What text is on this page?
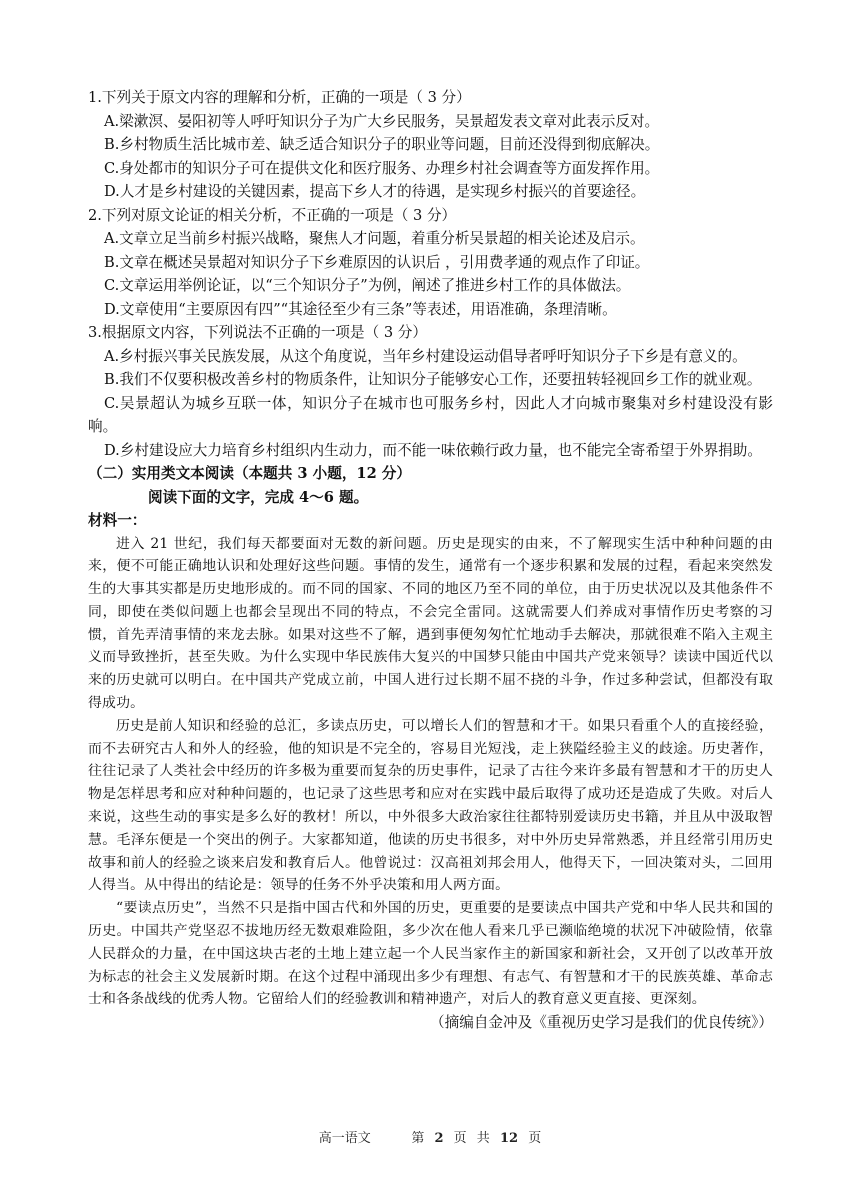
1.下列关于原文内容的理解和分析，正确的一项是（ 3 分）

A.梁漱溟、晏阳初等人呼吁知识分子为广大乡民服务，吴景超发表文章对此表示反对。

B.乡村物质生活比城市差、缺乏适合知识分子的职业等问题，目前还没得到彻底解决。

C.身处都市的知识分子可在提供文化和医疗服务、办理乡村社会调查等方面发挥作用。

D.人才是乡村建设的关键因素，提高下乡人才的待遇，是实现乡村振兴的首要途径。

2.下列对原文论证的相关分析，不正确的一项是（ 3 分）

A.文章立足当前乡村振兴战略，聚焦人才问题，着重分析吴景超的相关论述及启示。

B.文章在概述吴景超对知识分子下乡难原因的认识后 ，引用费孝通的观点作了印证。

C.文章运用举例论证，以“三个知识分子”为例，阐述了推进乡村工作的具体做法。

D.文章使用“主要原因有四”“其途径至少有三条”等表述，用语准确，条理清晰。

3.根据原文内容，下列说法不正确的一项是（ 3 分）

A.乡村振兴事关民族发展，从这个角度说，当年乡村建设运动倡导者呼吁知识分子下乡是有意义的。

B.我们不仅要积极改善乡村的物质条件，让知识分子能够安心工作，还要扭转轻视回乡工作的就业观。

C.吴景超认为城乡互联一体，知识分子在城市也可服务乡村，因此人才向城市聚集对乡村建设没有影响。

D.乡村建设应大力培育乡村组织内生动力，而不能一味依赖行政力量，也不能完全寄希望于外界捐助。

（二）实用类文本阅读（本题共 3 小题，12 分）

阅读下面的文字，完成 4～6 题。

材料一：

进入 21 世纪，我们每天都要面对无数的新问题。历史是现实的由来，不了解现实生活中种种问题的由来，便不可能正确地认识和处理好这些问题。事情的发生，通常有一个逐步积累和发展的过程，看起来突然发生的大事其实都是历史地形成的。而不同的国家、不同的地区乃至不同的单位，由于历史状况以及其他条件不同，即使在类似问题上也都会呈现出不同的特点，不会完全雷同。这就需要人们养成对事情作历史考察的习惯，首先弄清事情的来龙去脉。如果对这些不了解，遇到事便匆匆忙忙地动手去解决，那就很难不陷入主观主义而导致挫折，甚至失败。为什么实现中华民族伟大复兴的中国梦只能由中国共产党来领导？读读中国近代以来的历史就可以明白。在中国共产党成立前，中国人进行过长期不屈不挠的斗争，作过多种尝试，但都没有取得成功。

历史是前人知识和经验的总汇，多读点历史，可以增长人们的智慧和才干。如果只看重个人的直接经验，而不去研究古人和外人的经验，他的知识是不完全的，容易目光短浅，走上狭隘经验主义的歧途。历史著作，往往记录了人类社会中经历的许多极为重要而复杂的历史事件，记录了古往今来许多最有智慧和才干的历史人物是怎样思考和应对种种问题的，也记录了这些思考和应对在实践中最后取得了成功还是造成了失败。对后人来说，这些生动的事实是多么好的教材！所以，中外很多大政治家往往都特别爱读历史书籍，并且从中汲取智慧。毛泽东便是一个突出的例子。大家都知道，他读的历史书很多，对中外历史异常熟悉，并且经常引用历史故事和前人的经验之谈来启发和教育后人。他曾说过：汉高祖刘邦会用人，他得天下，一回决策对头，二回用人得当。从中得出的结论是：领导的任务不外乎决策和用人两方面。

“要读点历史”，当然不只是指中国古代和外国的历史，更重要的是要读点中国共产党和中华人民共和国的历史。中国共产党坚忍不拔地历经无数艰难险阻，多少次在他人看来几乎已濒临绝境的状况下冲破险情，依靠人民群众的力量，在中国这块古老的土地上建立起一个人民当家作主的新国家和新社会，又开创了以改革开放为标志的社会主义发展新时期。在这个过程中涌现出多少有理想、有志气、有智慧和才干的民族英雄、革命志士和各条战线的优秀人物。它留给人们的经验教训和精神遗产，对后人的教育意义更直接、更深刻。

（摘编自金冲及《重视历史学习是我们的优良传统》）

高一语文	第 2 页 共 12 页
